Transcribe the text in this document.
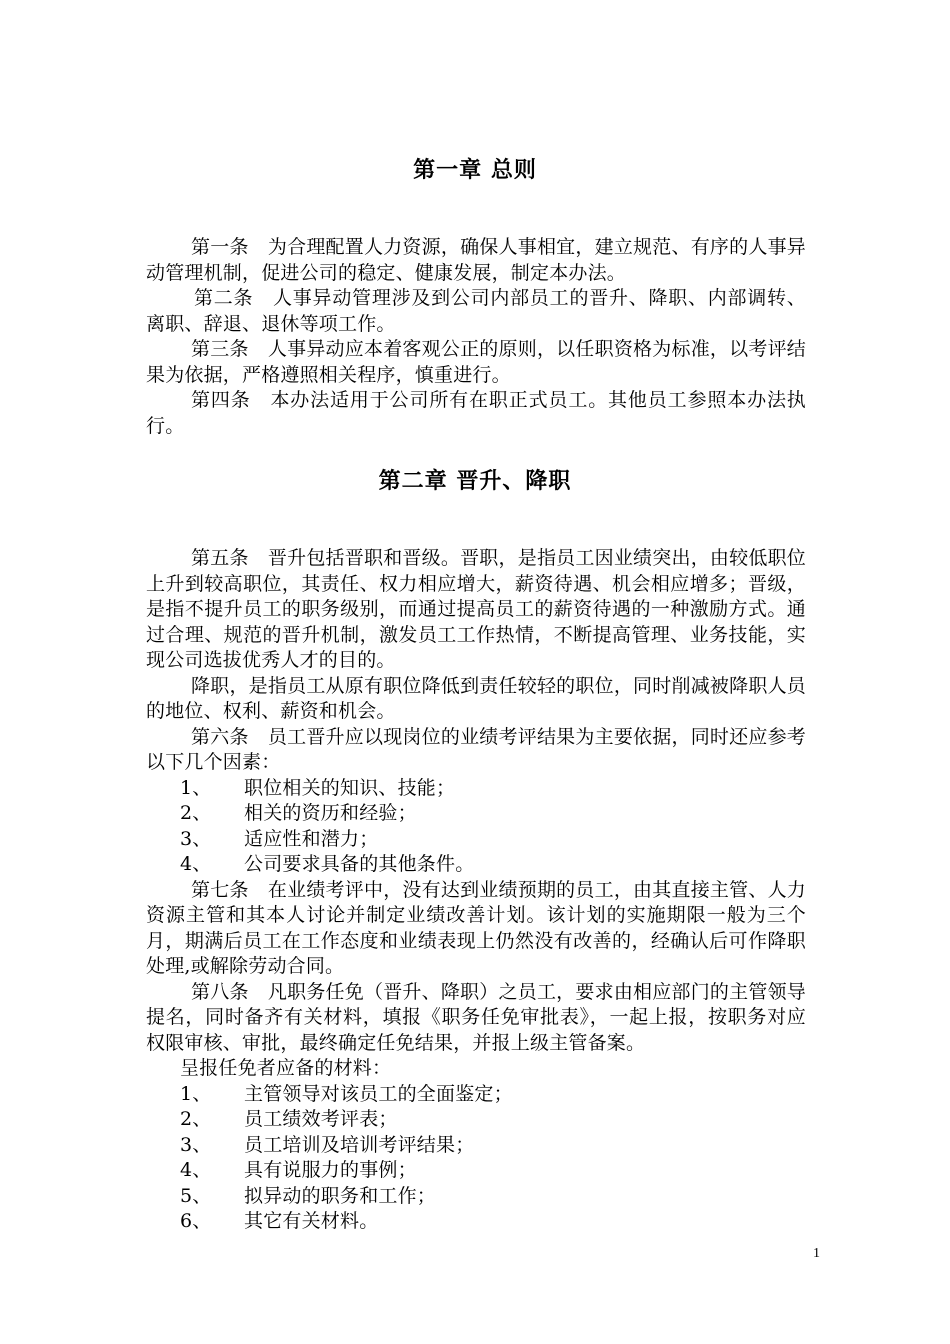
第一章 总则

第一条　为合理配置人力资源，确保人事相宜，建立规范、有序的人事异动管理机制，促进公司的稳定、健康发展，制定本办法。

第二条　人事异动管理涉及到公司内部员工的晋升、降职、内部调转、离职、辞退、退休等项工作。

第三条　人事异动应本着客观公正的原则，以任职资格为标准，以考评结果为依据，严格遵照相关程序，慎重进行。

第四条　本办法适用于公司所有在职正式员工。其他员工参照本办法执行。

第二章 晋升、降职

第五条　晋升包括晋职和晋级。晋职，是指员工因业绩突出，由较低职位上升到较高职位，其责任、权力相应增大，薪资待遇、机会相应增多；晋级，是指不提升员工的职务级别，而通过提高员工的薪资待遇的一种激励方式。通过合理、规范的晋升机制，激发员工工作热情，不断提高管理、业务技能，实现公司选拔优秀人才的目的。

降职，是指员工从原有职位降低到责任较轻的职位，同时削减被降职人员的地位、权利、薪资和机会。

第六条　员工晋升应以现岗位的业绩考评结果为主要依据，同时还应参考以下几个因素：

1、	职位相关的知识、技能；
2、	相关的资历和经验；
3、	适应性和潜力；
4、	公司要求具备的其他条件。

第七条　在业绩考评中，没有达到业绩预期的员工，由其直接主管、人力资源主管和其本人讨论并制定业绩改善计划。该计划的实施期限一般为三个月，期满后员工在工作态度和业绩表现上仍然没有改善的，经确认后可作降职处理,或解除劳动合同。

第八条　凡职务任免（晋升、降职）之员工，要求由相应部门的主管领导提名，同时备齐有关材料，填报《职务任免审批表》，一起上报，按职务对应权限审核、审批，最终确定任免结果，并报上级主管备案。

呈报任免者应备的材料：

1、	主管领导对该员工的全面鉴定；
2、	员工绩效考评表；
3、	员工培训及培训考评结果；
4、	具有说服力的事例；
5、	拟异动的职务和工作；
6、	其它有关材料。
1
